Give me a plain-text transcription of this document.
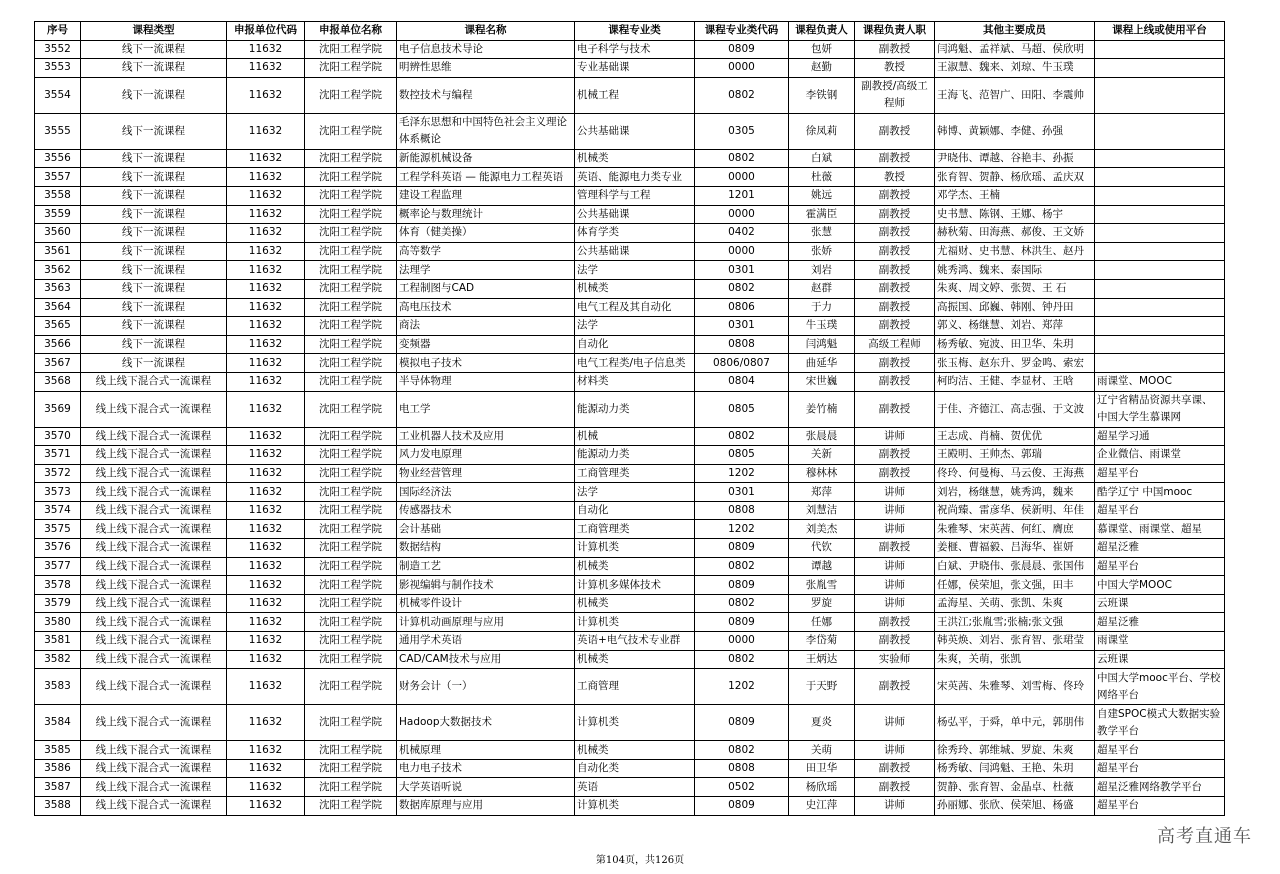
序号	课程类型	申报单位代码	申报单位名称	课程名称	课程专业类	课程专业类代码	课程负责人	课程负责人职	其他主要成员	课程上线或使用平台
3552	线下一流课程	11632	沈阳工程学院	电子信息技术导论	电子科学与技术	0809	包妍	副教授	闫鸿魁、孟祥斌、马超、侯欣明	
3553	线下一流课程	11632	沈阳工程学院	明辨性思维	专业基础课	0000	赵勤	教授	王淑慧、魏来、刘琼、牛玉璞	
3554	线下一流课程	11632	沈阳工程学院	数控技术与编程	机械工程	0802	李铁钢	副教授/高级工程师	王海飞、范智广、田阳、李震帅	
3555	线下一流课程	11632	沈阳工程学院	毛泽东思想和中国特色社会主义理论体系概论	公共基础课	0305	徐凤莉	副教授	韩博、黄颖娜、李健、孙强	
3556	线下一流课程	11632	沈阳工程学院	新能源机械设备	机械类	0802	白斌	副教授	尹晓伟、谭越、谷艳丰、孙振	
3557	线下一流课程	11632	沈阳工程学院	工程学科英语 — 能源电力工程英语	英语、能源电力类专业	0000	杜薇	教授	张育智、贺静、杨欣瑶、孟庆双	
3558	线下一流课程	11632	沈阳工程学院	建设工程监理	管理科学与工程	1201	姚远	副教授	邓学杰、王楠	
3559	线下一流课程	11632	沈阳工程学院	概率论与数理统计	公共基础课	0000	霍满臣	副教授	史书慧、陈钢、王娜、杨宇	
3560	线下一流课程	11632	沈阳工程学院	体育（健美操）	体育学类	0402	张慧	副教授	赫秋菊、田海燕、郝俊、王文娇	
3561	线下一流课程	11632	沈阳工程学院	高等数学	公共基础课	0000	张娇	副教授	尤福财、史书慧、林洪生、赵丹	
3562	线下一流课程	11632	沈阳工程学院	法理学	法学	0301	刘岩	副教授	姚秀鸿、魏来、泰国际	
3563	线下一流课程	11632	沈阳工程学院	工程制图与CAD	机械类	0802	赵群	副教授	朱爽、周文婷、张贺、王 石	
3564	线下一流课程	11632	沈阳工程学院	高电压技术	电气工程及其自动化	0806	于力	副教授	高振国、邱巍、韩刚、钟丹田	
3565	线下一流课程	11632	沈阳工程学院	商法	法学	0301	牛玉璞	副教授	郭义、杨继慧、刘岩、郑萍	
3566	线下一流课程	11632	沈阳工程学院	变频器	自动化	0808	闫鸿魁	高级工程师	杨秀敏、宛波、田卫华、朱玥	
3567	线下一流课程	11632	沈阳工程学院	模拟电子技术	电气工程类/电子信息类	0806/0807	曲延华	副教授	张玉梅、赵东升、罗金鸣、索宏	
3568	线上线下混合式一流课程	11632	沈阳工程学院	半导体物理	材料类	0804	宋世巍	副教授	柯昀洁、王健、李显材、王晗	雨课堂、MOOC
3569	线上线下混合式一流课程	11632	沈阳工程学院	电工学	能源动力类	0805	姜竹楠	副教授	于佳、齐德江、高志强、于文波	辽宁省精品资源共享课、中国大学生慕课网
3570	线上线下混合式一流课程	11632	沈阳工程学院	工业机器人技术及应用	机械	0802	张晨晨	讲师	王志成、肖楠、贺优优	超星学习通
3571	线上线下混合式一流课程	11632	沈阳工程学院	风力发电原理	能源动力类	0805	关新	副教授	王殿明、王帅杰、郭瑞	企业微信、雨课堂
3572	线上线下混合式一流课程	11632	沈阳工程学院	物业经营管理	工商管理类	1202	穆林林	副教授	佟玲、何曼梅、马云俊、王海燕	超星平台
3573	线上线下混合式一流课程	11632	沈阳工程学院	国际经济法	法学	0301	郑萍	讲师	刘岩，杨继慧，姚秀鸿，魏来	酷学辽宁 中国mooc
3574	线上线下混合式一流课程	11632	沈阳工程学院	传感器技术	自动化	0808	刘慧洁	讲师	祝尚臻、雷彦华、侯新明、年佳	超星平台
3575	线上线下混合式一流课程	11632	沈阳工程学院	会计基础	工商管理类	1202	刘美杰	讲师	朱雅琴、宋英茜、何红、膺庶	慕课堂、雨课堂、超星
3576	线上线下混合式一流课程	11632	沈阳工程学院	数据结构	计算机类	0809	代钦	副教授	姜榧、曹福毅、吕海华、崔妍	超星泛雅
3577	线上线下混合式一流课程	11632	沈阳工程学院	制造工艺	机械类	0802	谭越	讲师	白斌、尹晓伟、张晨晨、张国伟	超星平台
3578	线上线下混合式一流课程	11632	沈阳工程学院	影视编辑与制作技术	计算机多媒体技术	0809	张胤雪	讲师	任娜，侯荣旭，张文强，田丰	中国大学MOOC
3579	线上线下混合式一流课程	11632	沈阳工程学院	机械零件设计	机械类	0802	罗旋	讲师	孟海星、关萌、张凯、朱爽	云班课
3580	线上线下混合式一流课程	11632	沈阳工程学院	计算机动画原理与应用	计算机类	0809	任娜	副教授	王洪江;张胤雪;张楠;张文强	超星泛雅
3581	线上线下混合式一流课程	11632	沈阳工程学院	通用学术英语	英语+电气技术专业群	0000	李岱菊	副教授	韩英焕、刘岩、张育智、张珺莹	雨课堂
3582	线上线下混合式一流课程	11632	沈阳工程学院	CAD/CAM技术与应用	机械类	0802	王炳达	实验师	朱爽，关萌，张凯	云班课
3583	线上线下混合式一流课程	11632	沈阳工程学院	财务会计（一）	工商管理	1202	于天野	副教授	宋英茜、朱雅琴、刘雪梅、佟玲	中国大学mooc平台、学校网络平台
3584	线上线下混合式一流课程	11632	沈阳工程学院	Hadoop大数据技术	计算机类	0809	夏炎	讲师	杨弘平，于舜，单中元，郭朋伟	自建SPOC模式大数据实验教学平台
3585	线上线下混合式一流课程	11632	沈阳工程学院	机械原理	机械类	0802	关萌	讲师	徐秀玲、郭维城、罗旋、朱爽	超星平台
3586	线上线下混合式一流课程	11632	沈阳工程学院	电力电子技术	自动化类	0808	田卫华	副教授	杨秀敏、闫鸿魁、王艳、朱玥	超星平台
3587	线上线下混合式一流课程	11632	沈阳工程学院	大学英语听说	英语	0502	杨欣瑶	副教授	贺静、张育智、金晶卓、杜薇	超星泛雅网络教学平台
3588	线上线下混合式一流课程	11632	沈阳工程学院	数据库原理与应用	计算机类	0809	史江萍	讲师	孙丽娜、张欣、侯荣旭、杨盛	超星平台
第104页，共126页
高考直通车
